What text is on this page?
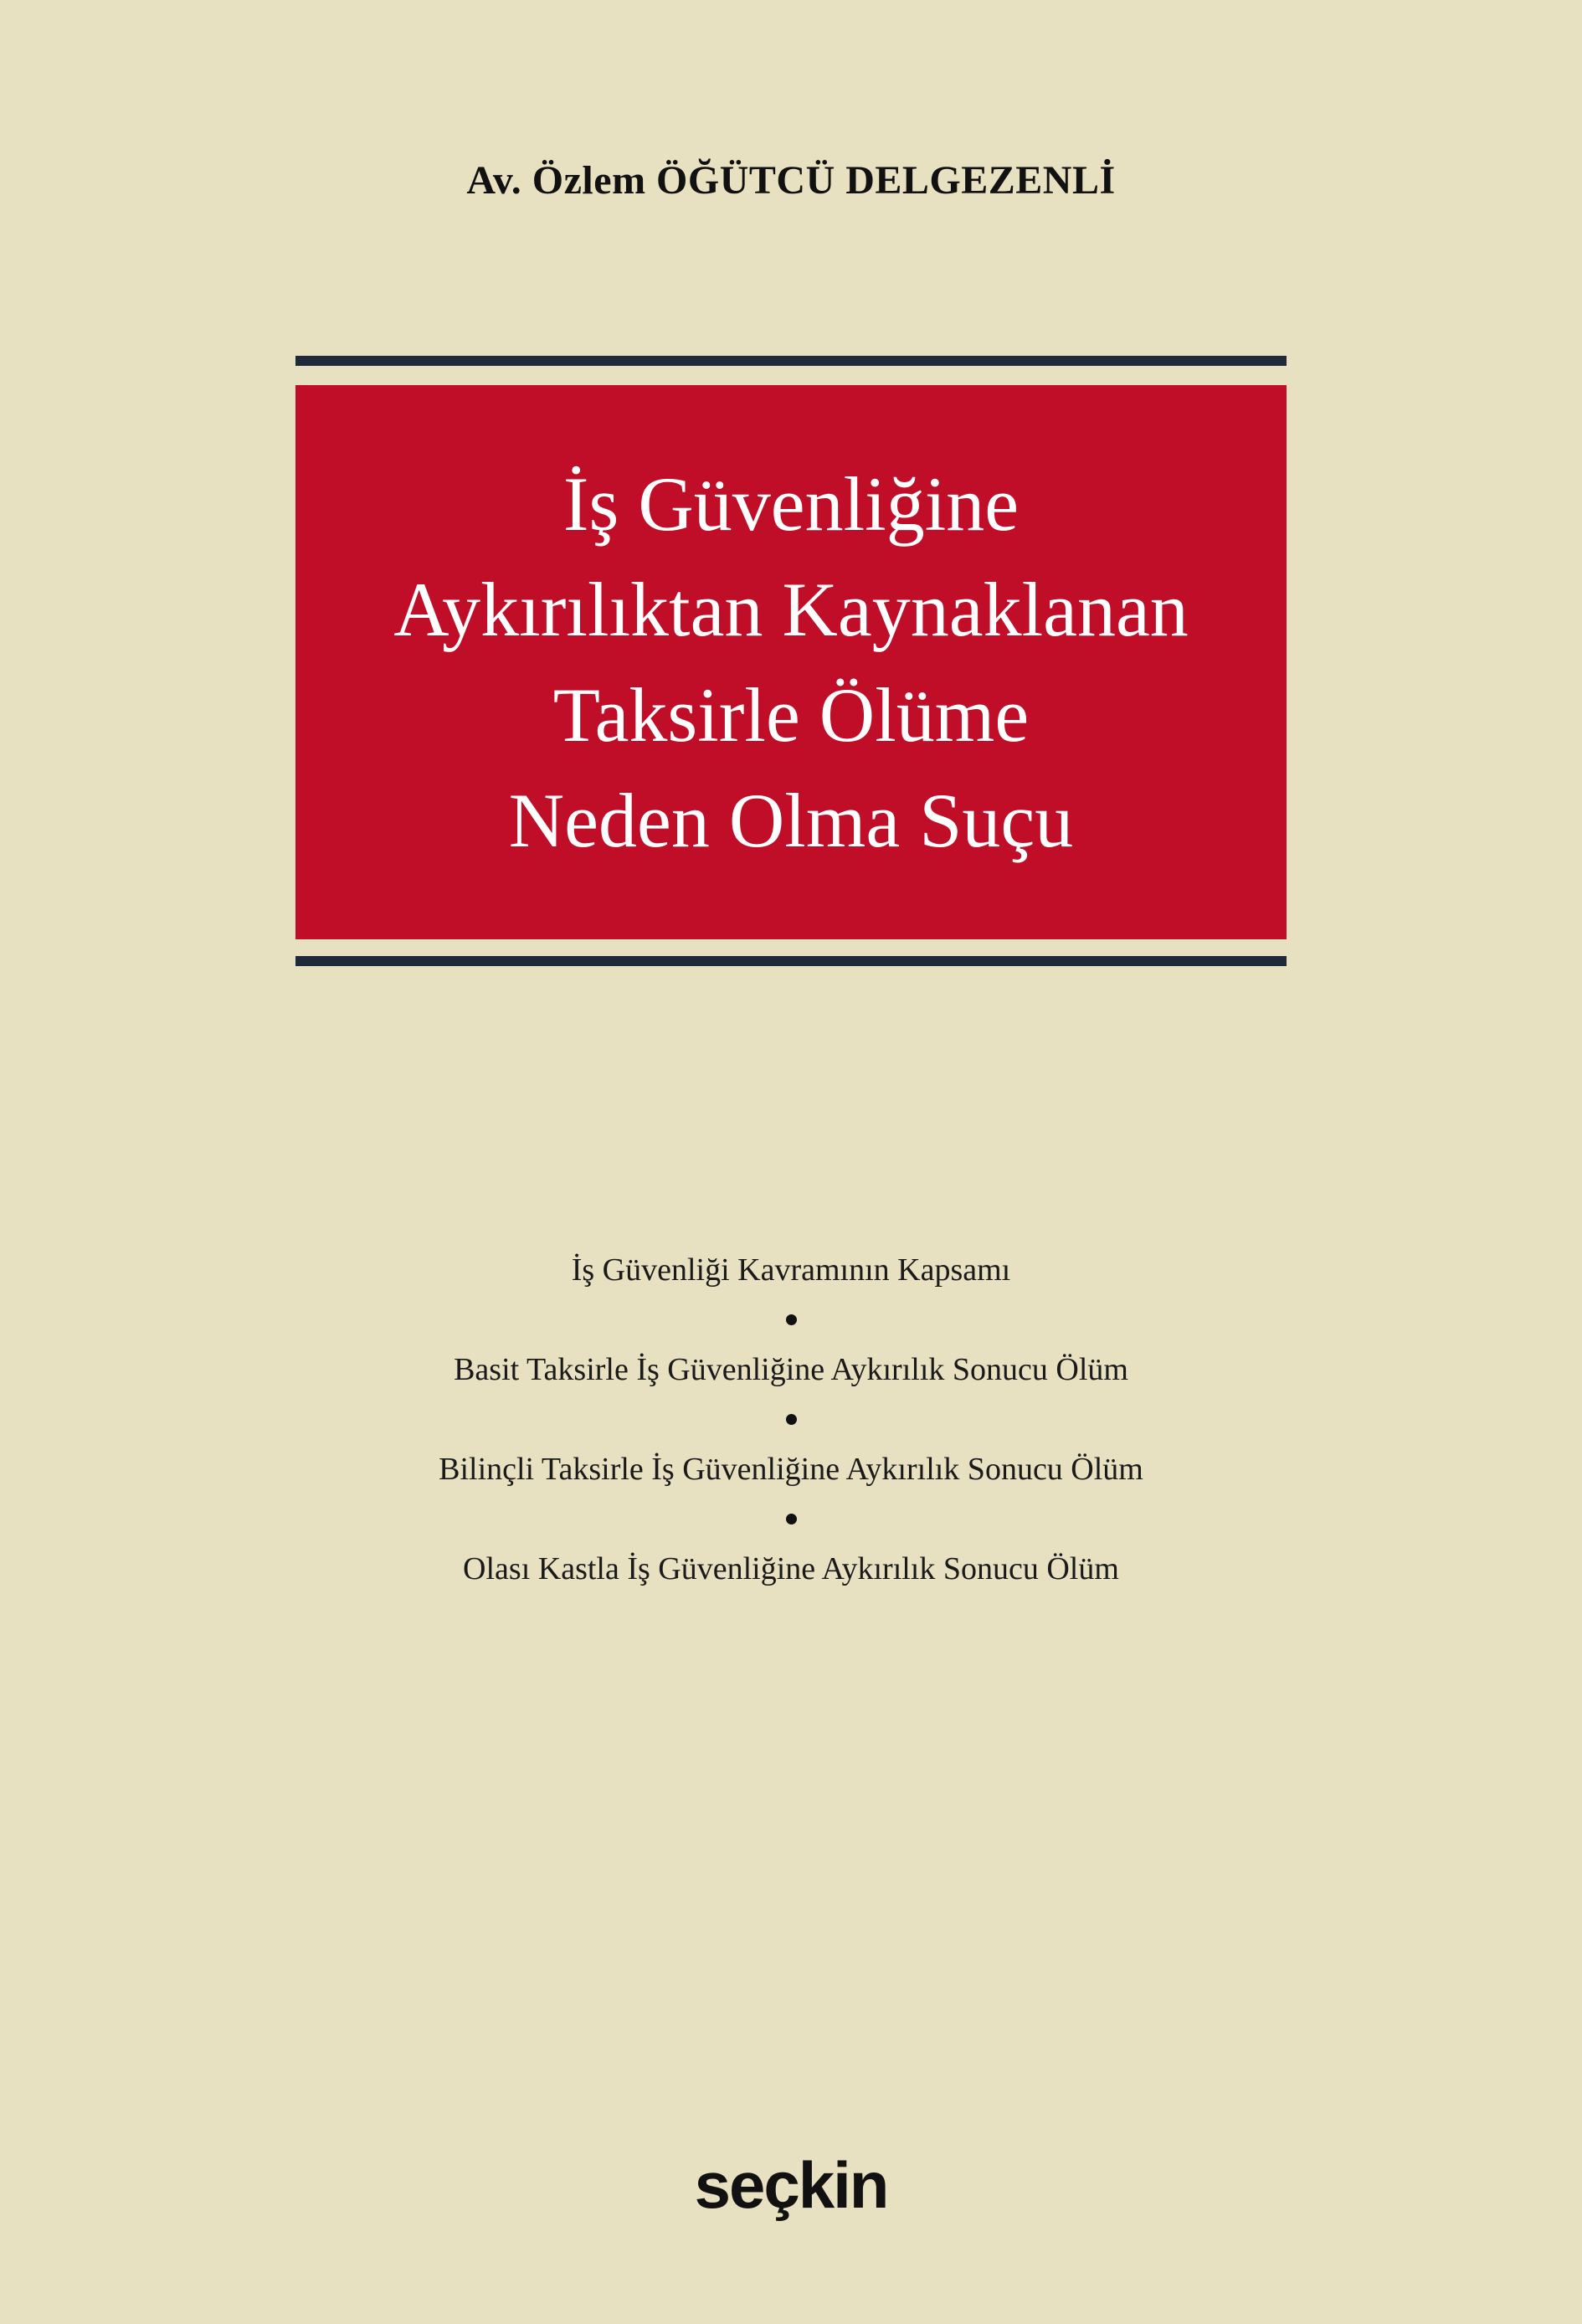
Av. Özlem ÖĞÜTCÜ DELGEZENLİ
İş Güvenliğine
Aykırılıktan Kaynaklanan
Taksirle Ölüme
Neden Olma Suçu

İş Güvenliği Kavramının Kapsamı

Basit Taksirle İş Güvenliğine Aykırılık Sonucu Ölüm

Bilinçli Taksirle İş Güvenliğine Aykırılık Sonucu Ölüm

Olası Kastla İş Güvenliğine Aykırılık Sonucu Ölüm

seçkin
